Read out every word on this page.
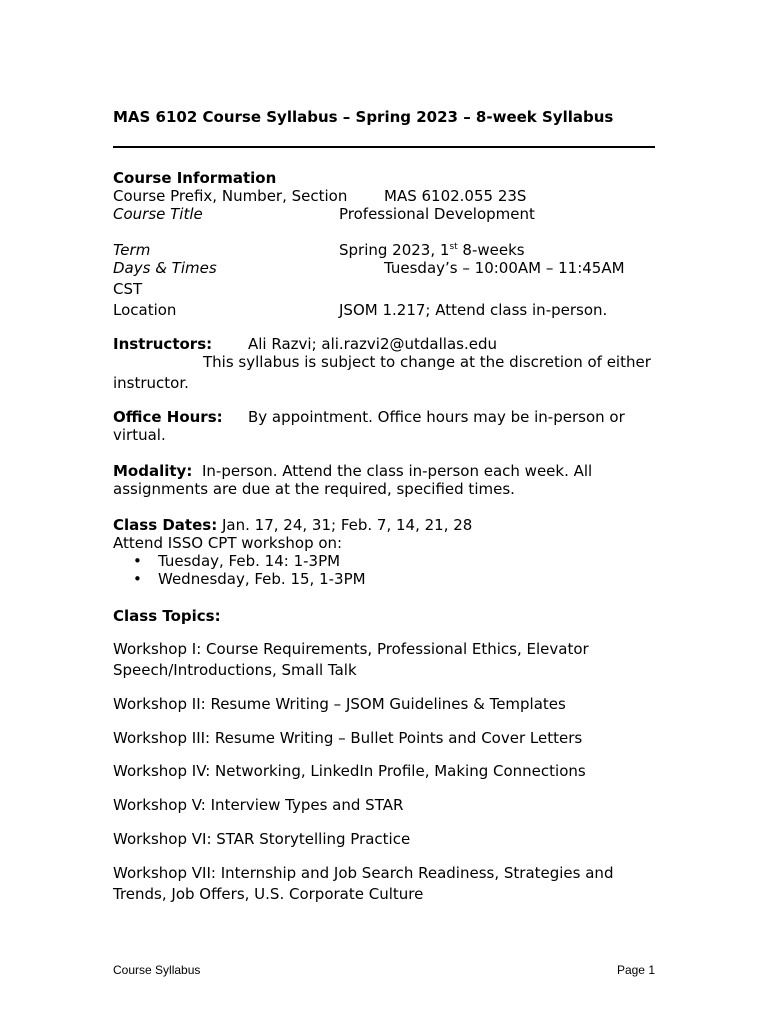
MAS 6102 Course Syllabus – Spring 2023 – 8-week Syllabus
Course Information
Course Prefix, Number, Section MAS 6102.055 23S
Course Title	Professional Development
Term	Spring 2023, 1st 8-weeks
Days & Times	Tuesday’s – 10:00AM – 11:45AM
CST
Location	JSOM 1.217; Attend class in-person.
Instructors: Ali Razvi; ali.razvi2@utdallas.edu
This syllabus is subject to change at the discretion of either
instructor.
Office Hours: By appointment. Office hours may be in-person or
virtual.
Modality: In-person. Attend the class in-person each week. All
assignments are due at the required, specified times.
Class Dates: Jan. 17, 24, 31; Feb. 7, 14, 21, 28
Attend ISSO CPT workshop on:
• Tuesday, Feb. 14: 1-3PM
• Wednesday, Feb. 15, 1-3PM
Class Topics:
Workshop I: Course Requirements, Professional Ethics, Elevator
Speech/Introductions, Small Talk
Workshop II: Resume Writing – JSOM Guidelines & Templates
Workshop III: Resume Writing – Bullet Points and Cover Letters
Workshop IV: Networking, LinkedIn Profile, Making Connections
Workshop V: Interview Types and STAR
Workshop VI: STAR Storytelling Practice
Workshop VII: Internship and Job Search Readiness, Strategies and
Trends, Job Offers, U.S. Corporate Culture
Course Syllabus	Page 1
